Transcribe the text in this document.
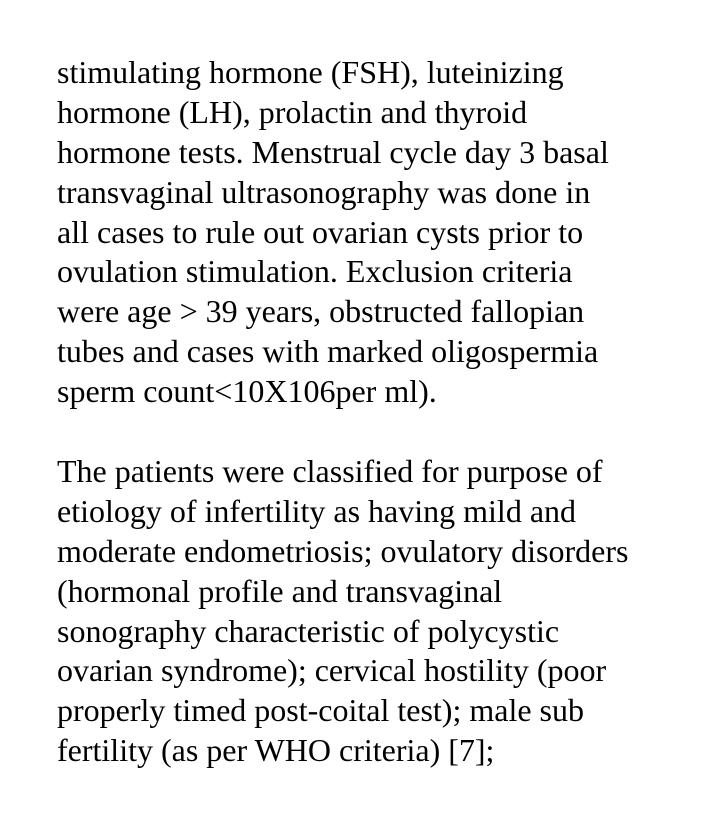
stimulating hormone (FSH), luteinizing
hormone (LH), prolactin and thyroid
hormone tests. Menstrual cycle day 3 basal
transvaginal ultrasonography was done in
all cases to rule out ovarian cysts prior to
ovulation stimulation. Exclusion criteria
were age > 39 years, obstructed fallopian
tubes and cases with marked oligospermia
sperm count<10X106per ml).
The patients were classified for purpose of
etiology of infertility as having mild and
moderate endometriosis; ovulatory disorders
(hormonal profile and transvaginal
sonography characteristic of polycystic
ovarian syndrome); cervical hostility (poor
properly timed post-coital test); male sub
fertility (as per WHO criteria) [7];
